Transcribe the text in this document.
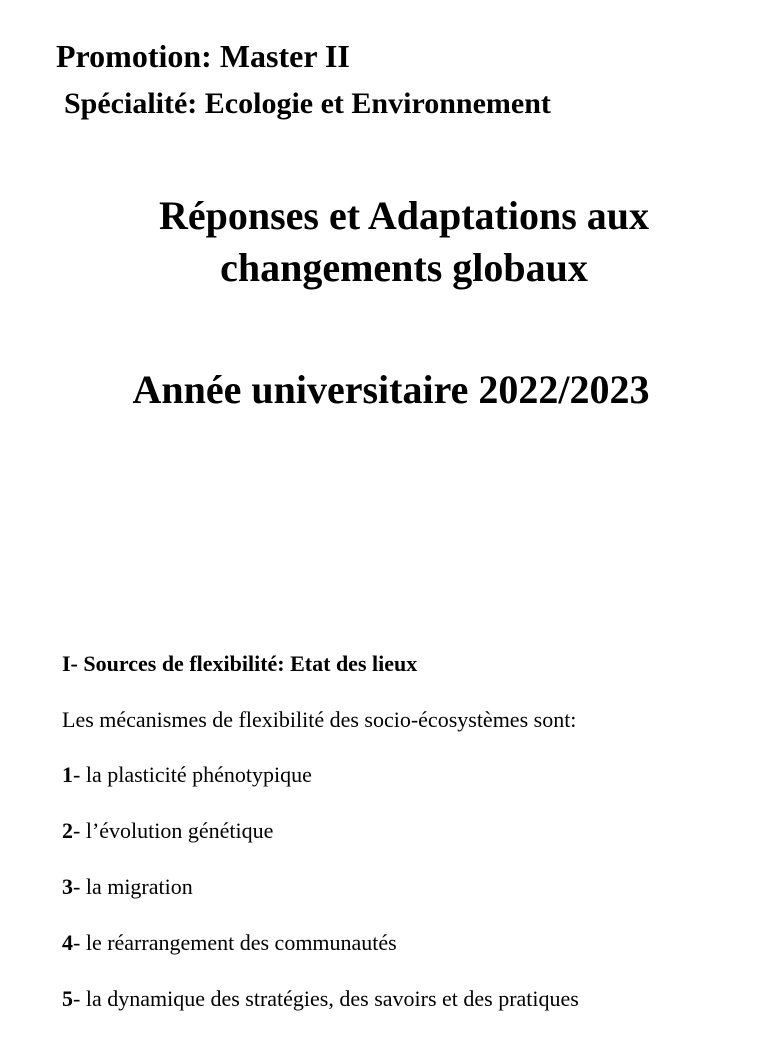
Promotion: Master II
Spécialité: Ecologie et Environnement
Réponses et Adaptations aux
changements globaux
Année universitaire 2022/2023
I- Sources de flexibilité: Etat des lieux
Les mécanismes de flexibilité des socio-écosystèmes sont:
1- la plasticité phénotypique
2- l’évolution génétique
3- la migration
4- le réarrangement des communautés
5- la dynamique des stratégies, des savoirs et des pratiques
